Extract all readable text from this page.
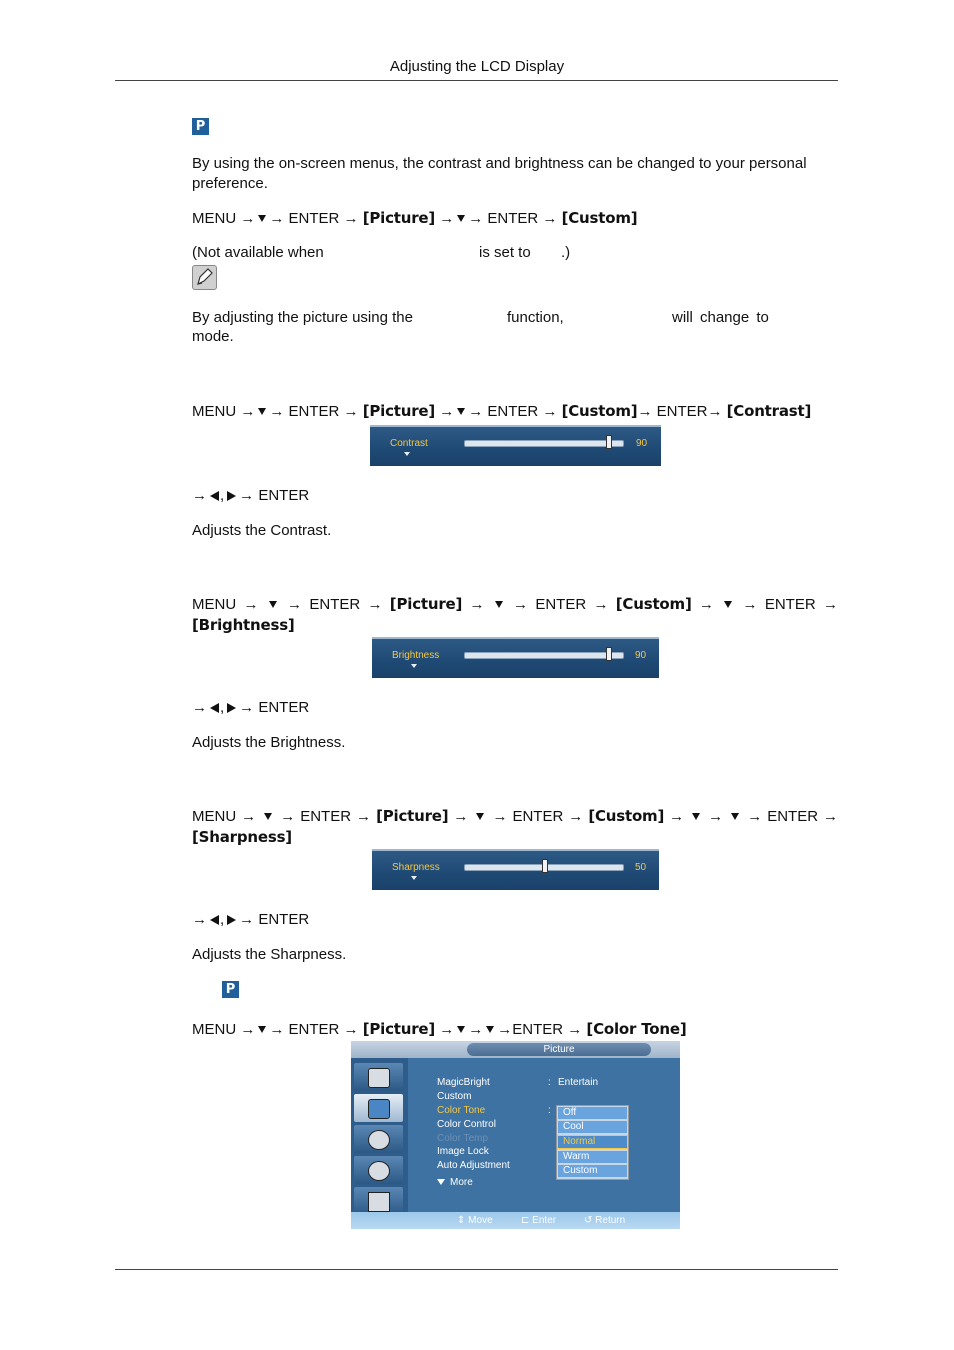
Adjusting the LCD Display
P
By using the on-screen menus, the contrast and brightness can be changed to your personal preference.
MENU → → ENTER → [Picture] → → ENTER → [Custom]
(Not available when	is set to .)
By adjusting the picture using the	function,	will change to
mode.
MENU → → ENTER → [Picture] → → ENTER → [Custom]→ ENTER→ [Contrast]
Contrast	90
→ , → ENTER
Adjusts the Contrast.
MENU →  → ENTER → [Picture] →  → ENTER → [Custom] →  → ENTER → [Brightness]
Brightness	90
→ , → ENTER
Adjusts the Brightness.
MENU →  → ENTER → [Picture] →  → ENTER → [Custom] →  →  → ENTER → [Sharpness]
Sharpness	50
→ , → ENTER
Adjusts the Sharpness.
P
MENU → → ENTER → [Picture] → → →ENTER → [Color Tone]
Picture
MagicBright	: Entertain
Custom
Color Tone	:
Color Control
Color Temp
Image Lock
Auto Adjustment
More
Off
Cool
Normal
Warm
Custom
⇕ Move	⊏ Enter	↺ Return
